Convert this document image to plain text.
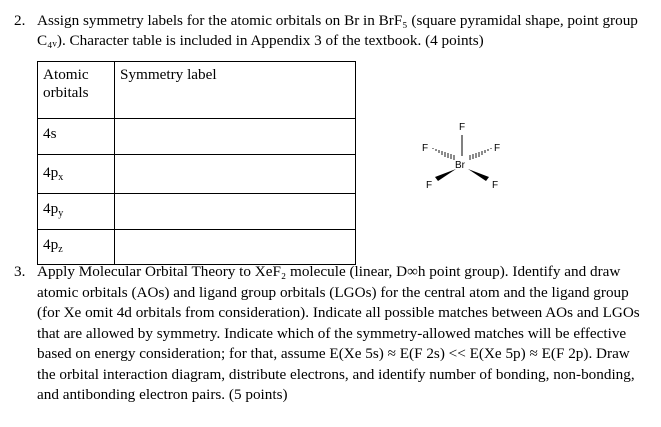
2. Assign symmetry labels for the atomic orbitals on Br in BrF₅ (square pyramidal shape, point group C₄ᵥ). Character table is included in Appendix 3 of the textbook. (4 points)
Atomic orbitals	Symmetry label
4s	
4px	
4py	
4pz	
F
F	F
Br
F	F
3. Apply Molecular Orbital Theory to XeF₂ molecule (linear, D∞h point group). Identify and draw atomic orbitals (AOs) and ligand group orbitals (LGOs) for the central atom and the ligand group (for Xe omit 4d orbitals from consideration). Indicate all possible matches between AOs and LGOs that are allowed by symmetry. Indicate which of the symmetry-allowed matches will be effective based on energy consideration; for that, assume E(Xe 5s) ≈ E(F 2s) << E(Xe 5p) ≈ E(F 2p). Draw the orbital interaction diagram, distribute electrons, and identify number of bonding, non-bonding, and antibonding electron pairs. (5 points)
